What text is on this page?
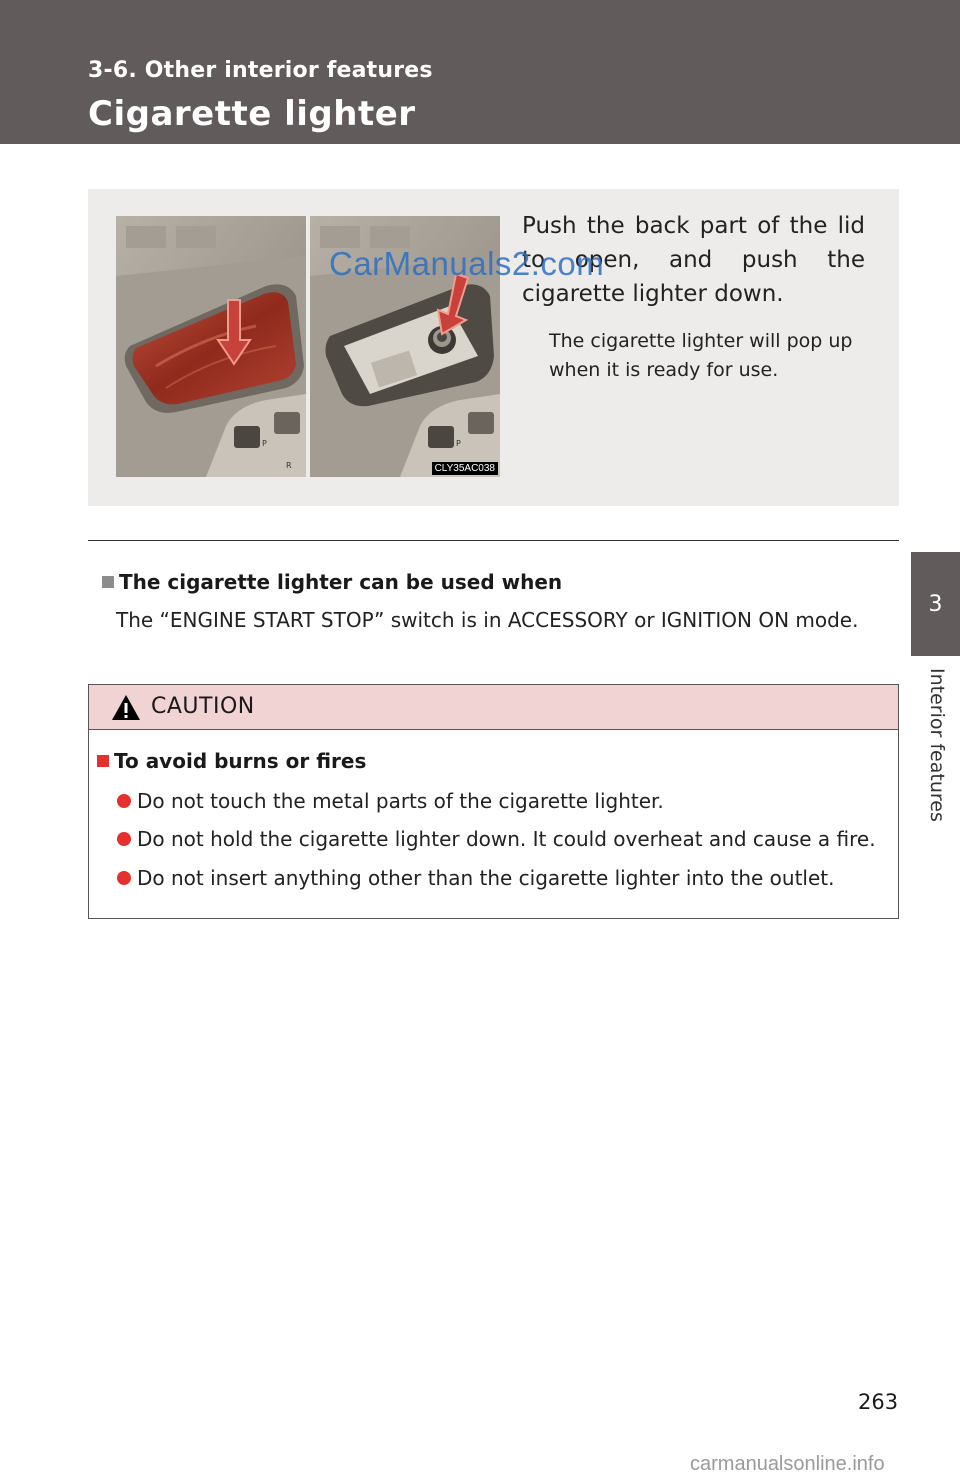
3-6. Other interior features
Cigarette lighter
3
Interior features
P
R
P
CLY35AC038
Push the back part of the lid to open, and push the cigarette lighter down.
The cigarette lighter will pop up when it is ready for use.
CarManuals2.com
The cigarette lighter can be used when
The “ENGINE START STOP” switch is in ACCESSORY or IGNITION ON mode.
CAUTION
To avoid burns or fires
Do not touch the metal parts of the cigarette lighter.
Do not hold the cigarette lighter down. It could overheat and cause a fire.
Do not insert anything other than the cigarette lighter into the outlet.
263
carmanualsonline.info
